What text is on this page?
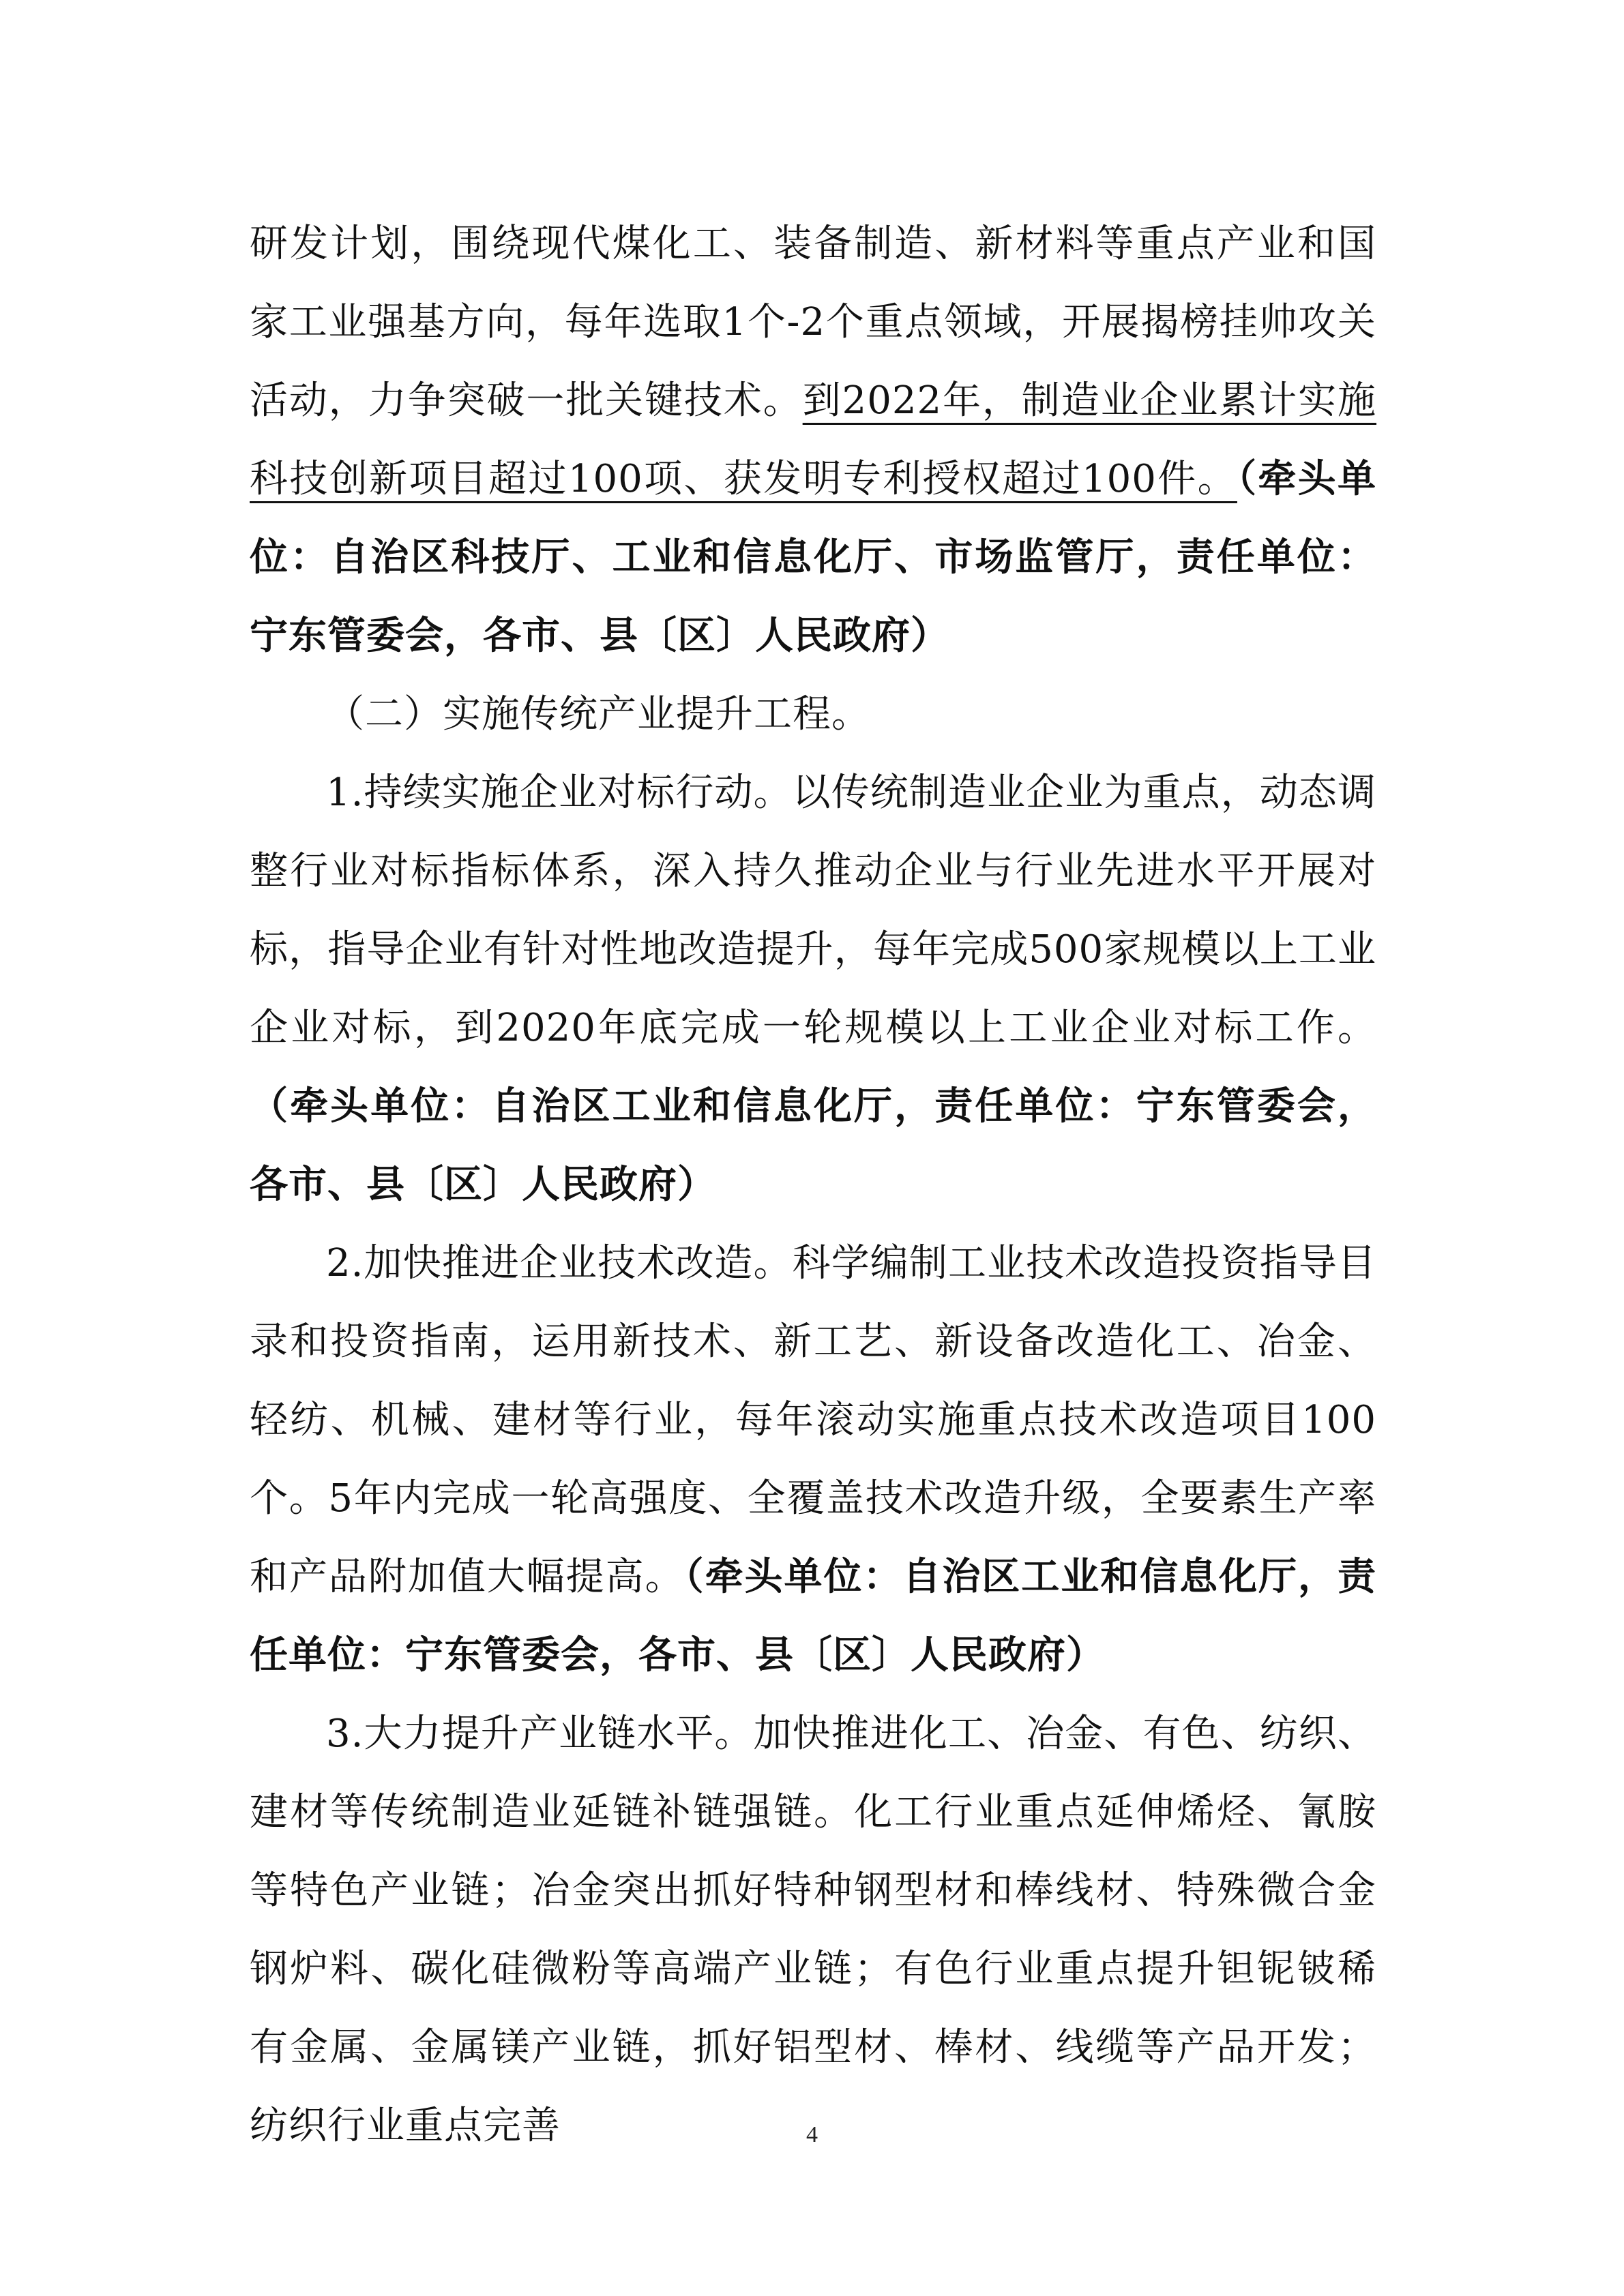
研发计划，围绕现代煤化工、装备制造、新材料等重点产业和国家工业强基方向，每年选取1个-2个重点领域，开展揭榜挂帅攻关活动，力争突破一批关键技术。到2022年，制造业企业累计实施科技创新项目超过100项、获发明专利授权超过100件。（牵头单位：自治区科技厅、工业和信息化厅、市场监管厅，责任单位：宁东管委会，各市、县〔区〕人民政府）

（二）实施传统产业提升工程。

1.持续实施企业对标行动。以传统制造业企业为重点，动态调整行业对标指标体系，深入持久推动企业与行业先进水平开展对标，指导企业有针对性地改造提升，每年完成500家规模以上工业企业对标，到2020年底完成一轮规模以上工业企业对标工作。（牵头单位：自治区工业和信息化厅，责任单位：宁东管委会，各市、县〔区〕人民政府）

2.加快推进企业技术改造。科学编制工业技术改造投资指导目录和投资指南，运用新技术、新工艺、新设备改造化工、冶金、轻纺、机械、建材等行业，每年滚动实施重点技术改造项目100个。5年内完成一轮高强度、全覆盖技术改造升级，全要素生产率和产品附加值大幅提高。（牵头单位：自治区工业和信息化厅，责任单位：宁东管委会，各市、县〔区〕人民政府）

3.大力提升产业链水平。加快推进化工、冶金、有色、纺织、建材等传统制造业延链补链强链。化工行业重点延伸烯烃、氰胺等特色产业链；冶金突出抓好特种钢型材和棒线材、特殊微合金钢炉料、碳化硅微粉等高端产业链；有色行业重点提升钽铌铍稀有金属、金属镁产业链，抓好铝型材、棒材、线缆等产品开发；纺织行业重点完善	4
